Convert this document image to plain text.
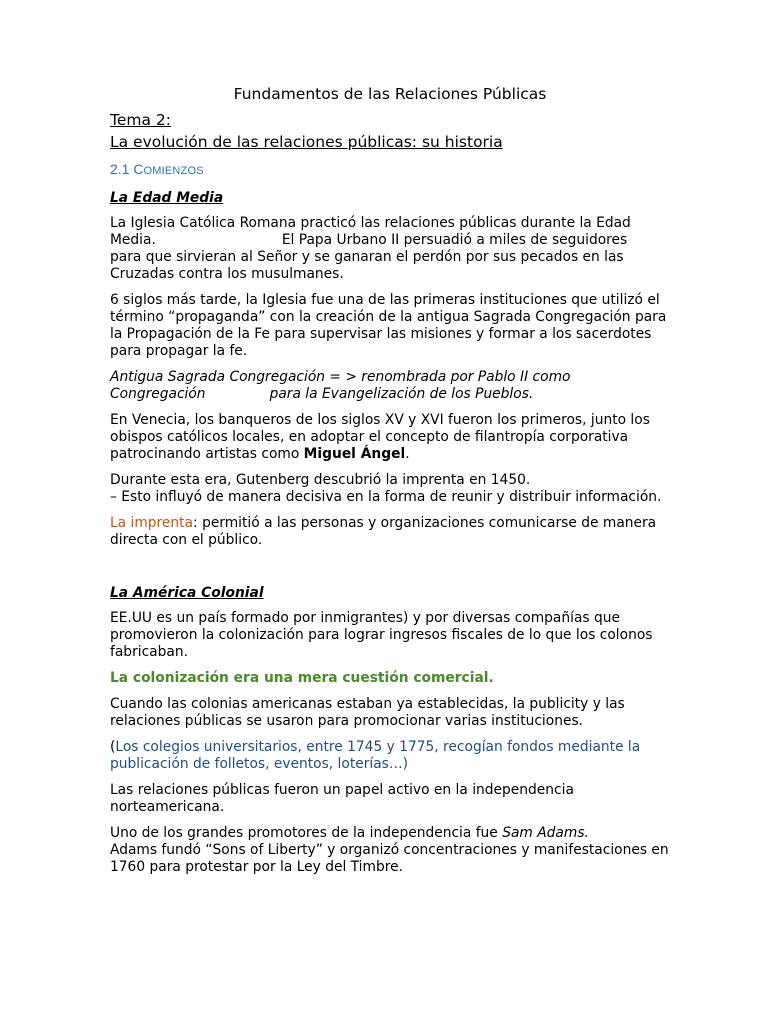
Fundamentos de las Relaciones Públicas
Tema 2:
La evolución de las relaciones públicas: su historia
2.1 COMIENZOS
La Edad Media

La Iglesia Católica Romana practicó las relaciones públicas durante la Edad
Media.	El Papa Urbano II persuadió a miles de seguidores
para que sirvieran al Señor y se ganaran el perdón por sus pecados en las
Cruzadas contra los musulmanes.

6 siglos más tarde, la Iglesia fue una de las primeras instituciones que utilizó el término “propaganda” con la creación de la antigua Sagrada Congregación para la Propagación de la Fe para supervisar las misiones y formar a los sacerdotes para propagar la fe.

Antigua Sagrada Congregación = > renombrada por Pablo II como
Congregación	para la Evangelización de los Pueblos.

En Venecia, los banqueros de los siglos XV y XVI fueron los primeros, junto los obispos católicos locales, en adoptar el concepto de filantropía corporativa patrocinando artistas como Miguel Ángel.

Durante esta era, Gutenberg descubrió la imprenta en 1450.
– Esto influyó de manera decisiva en la forma de reunir y distribuir información.

La imprenta: permitió a las personas y organizaciones comunicarse de manera directa con el público.

La América Colonial

EE.UU es un país formado por inmigrantes) y por diversas compañías que promovieron la colonización para lograr ingresos fiscales de lo que los colonos fabricaban.

La colonización era una mera cuestión comercial.

Cuando las colonias americanas estaban ya establecidas, la publicity y las relaciones públicas se usaron para promocionar varias instituciones.

(Los colegios universitarios, entre 1745 y 1775, recogían fondos mediante la publicación de folletos, eventos, loterías…)

Las relaciones públicas fueron un papel activo en la independencia norteamericana.

Uno de los grandes promotores de la independencia fue Sam Adams.
Adams fundó “Sons of Liberty” y organizó concentraciones y manifestaciones en 1760 para protestar por la Ley del Timbre.
